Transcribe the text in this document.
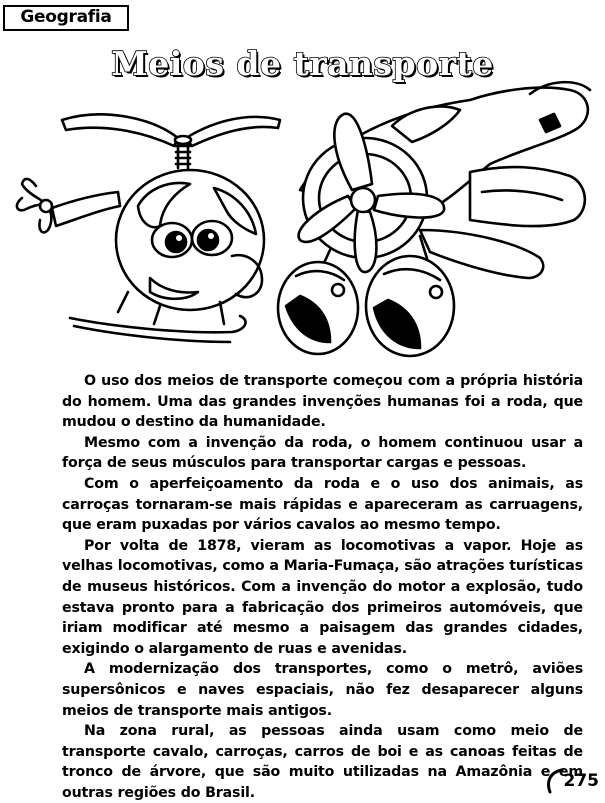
Geografia
Meios de transporte

O uso dos meios de transporte começou com a própria história do homem. Uma das grandes invenções humanas foi a roda, que mudou o destino da humanidade.

Mesmo com a invenção da roda, o homem continuou usar a força de seus músculos para transportar cargas e pessoas.

Com o aperfeiçoamento da roda e o uso dos animais, as carroças tornaram-se mais rápidas e apareceram as carruagens, que eram puxadas por vários cavalos ao mesmo tempo.

Por volta de 1878, vieram as locomotivas a vapor. Hoje as velhas locomotivas, como a Maria-Fumaça, são atrações turísticas de museus históricos. Com a invenção do motor a explosão, tudo estava pronto para a fabricação dos primeiros automóveis, que iriam modificar até mesmo a paisagem das grandes cidades, exigindo o alargamento de ruas e avenidas.

A modernização dos transportes, como o metrô, aviões supersônicos e naves espaciais, não fez desaparecer alguns meios de transporte mais antigos.

Na zona rural, as pessoas ainda usam como meio de transporte cavalo, carroças, carros de boi e as canoas feitas de tronco de árvore, que são muito utilizadas na Amazônia e em outras regiões do Brasil.

275
